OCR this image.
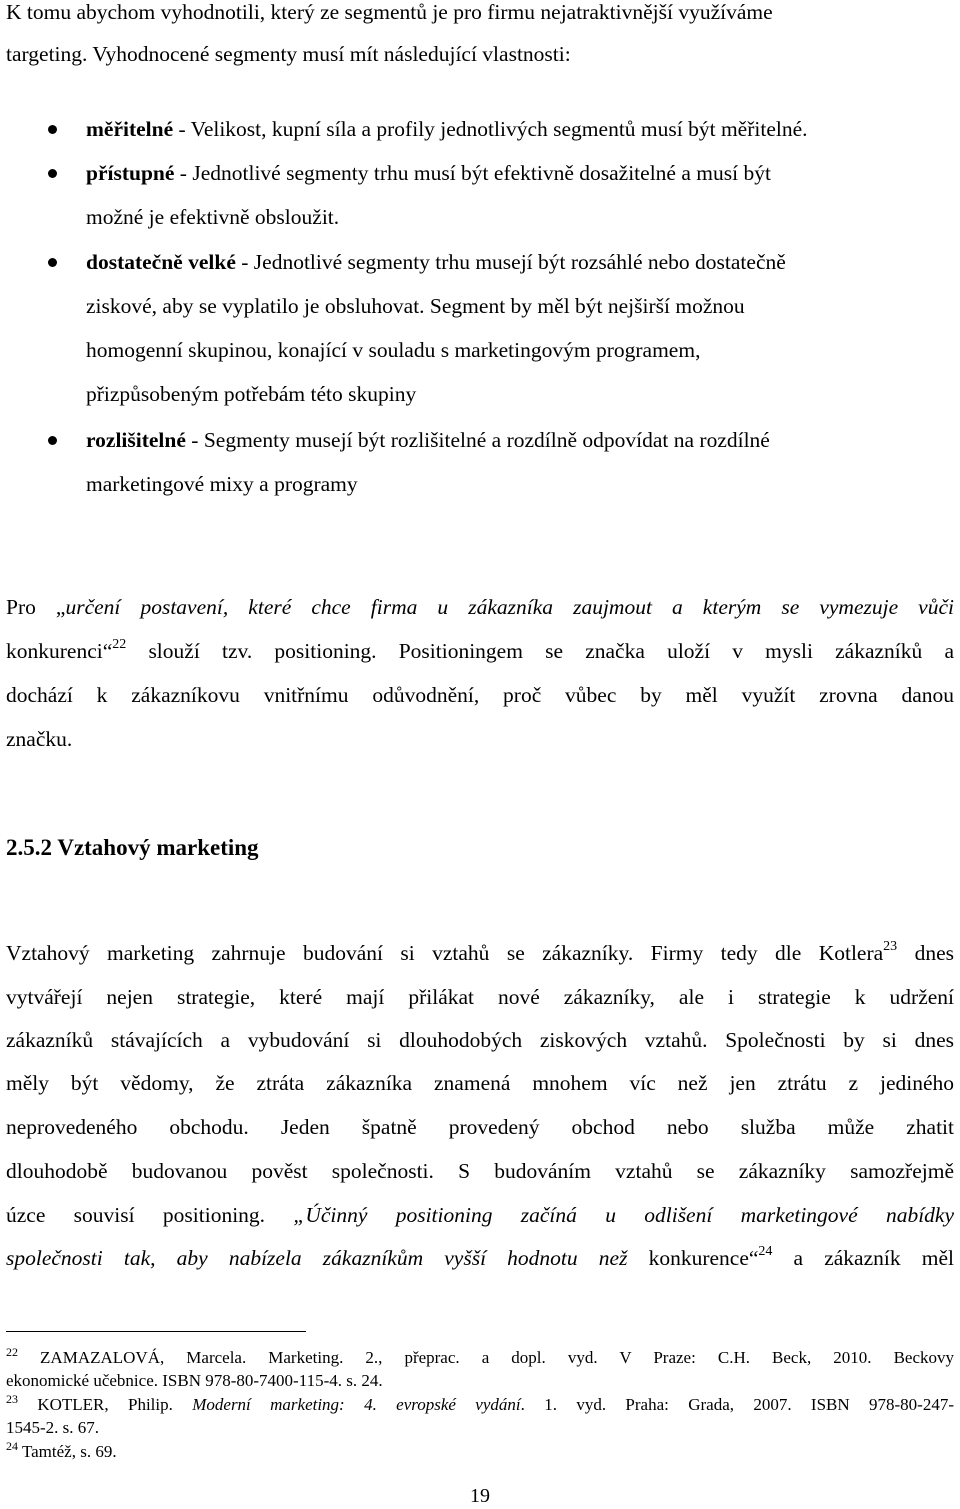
K tomu abychom vyhodnotili, který ze segmentů je pro firmu nejatraktivnější využíváme
targeting. Vyhodnocené segmenty musí mít následující vlastnosti:
měřitelné - Velikost, kupní síla a profily jednotlivých segmentů musí být měřitelné.
přístupné - Jednotlivé segmenty trhu musí být efektivně dosažitelné a musí být
možné je efektivně obsloužit.
dostatečně velké - Jednotlivé segmenty trhu musejí být rozsáhlé nebo dostatečně
ziskové, aby se vyplatilo je obsluhovat. Segment by měl být nejširší možnou
homogenní skupinou, konající v souladu s marketingovým programem,
přizpůsobeným potřebám této skupiny
rozlišitelné - Segmenty musejí být rozlišitelné a rozdílně odpovídat na rozdílné
marketingové mixy a programy
Pro „určení postavení, které chce firma u zákazníka zaujmout a kterým se vymezuje vůči
konkurenci“$^{22}$ slouží tzv. positioning. Positioningem se značka uloží v mysli zákazníků a
dochází k zákazníkovu vnitřnímu odůvodnění, proč vůbec by měl využít zrovna danou
značku.
2.5.2 Vztahový marketing
Vztahový marketing zahrnuje budování si vztahů se zákazníky. Firmy tedy dle Kotlera$^{23}$ dnes
vytvářejí nejen strategie, které mají přilákat nové zákazníky, ale i strategie k udržení
zákazníků stávajících a vybudování si dlouhodobých ziskových vztahů. Společnosti by si dnes
měly být vědomy, že ztráta zákazníka znamená mnohem víc než jen ztrátu z jediného
neprovedeného obchodu. Jeden špatně provedený obchod nebo služba může zhatit
dlouhodobě budovanou pověst společnosti. S budováním vztahů se zákazníky samozřejmě
úzce souvisí positioning. „Účinný positioning začíná u odlišení marketingové nabídky
společnosti tak, aby nabízela zákazníkům vyšší hodnotu než konkurence“$^{24}$ a zákazník měl
$^{22}$ ZAMAZALOVÁ, Marcela. Marketing. 2., přeprac. a dopl. vyd. V Praze: C.H. Beck, 2010. Beckovy
ekonomické učebnice. ISBN 978-80-7400-115-4. s. 24.
$^{23}$ KOTLER, Philip. Moderní marketing: 4. evropské vydání. 1. vyd. Praha: Grada, 2007. ISBN 978-80-247-
1545-2. s. 67.
$^{24}$ Tamtéž, s. 69.
19
